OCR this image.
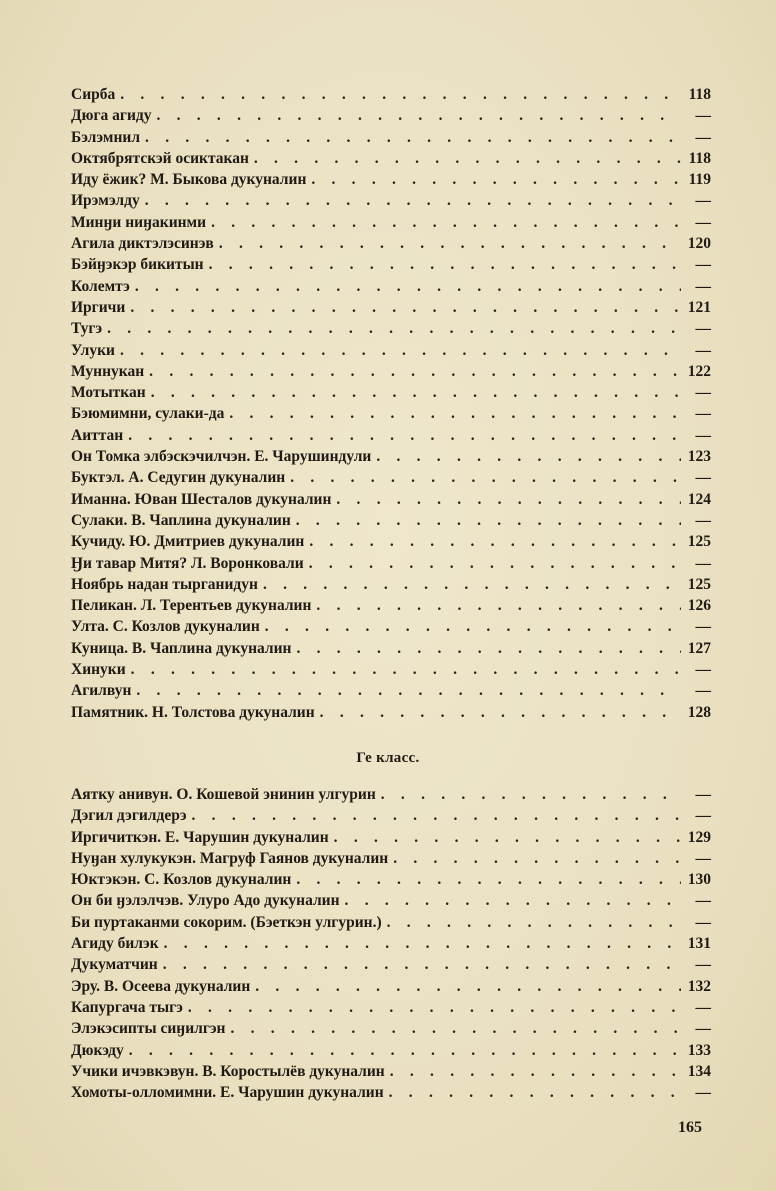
Сирба . . .	118
Дюга агиду . . .	—
Бэлэмнил . . .	—
Октябрятскэй осиктакан . . .	118
Иду ёжик? М. Быкова дукуналин . . .	119
Ирэмэлду . . .	—
Минӈи ниӈакинми . . .	—
Агила диктэлэсинэв . . .	120
Бэйӈэкэр бикитын . . .	—
Колемтэ . . .	—
Иргичи . . .	121
Тугэ . . .	—
Улуки . . .	—
Муннукан . . .	122
Мотыткан . . .	—
Бэюмимни, сулаки-да . . .	—
Аиттан . . .	—
Он Томка элбэскэчилчэн. Е. Чарушиндули . . .	123
Буктэл. А. Седугин дукуналин . . .	—
Иманна. Юван Шесталов дукуналин . . .	124
Сулаки. В. Чаплина дукуналин . . .	—
Кучиду. Ю. Дмитриев дукуналин . . .	125
Ӈи тавар Митя? Л. Воронковали . . .	—
Ноябрь надан тырганидун . . .	125
Пеликан. Л. Терентьев дукуналин . . .	126
Улта. С. Козлов дукуналин . . .	—
Куница. В. Чаплина дукуналин . . .	127
Хинуки . . .	—
Агилвун . . .	—
Памятник. Н. Толстова дукуналин . . .	128
Ге класс.
Аятку анивун. О. Кошевой энинин улгурин . . .	—
Дэгил дэгилдерэ . . .	—
Иргичиткэн. Е. Чарушин дукуналин . . .	129
Нуӈан хулукукэн. Магруф Гаянов дукуналин . . .	—
Юктэкэн. С. Козлов дукуналин . . .	130
Он би ӈэлэлчэв. Улуро Адо дукуналин . . .	—
Би пуртаканми сокорим. (Бэеткэн улгурин.) . . .	—
Агиду билэк . . .	131
Дукуматчин . . .	—
Эру. В. Осеева дукуналин . . .	132
Капургача тыгэ . . .	—
Элэкэсипты сиӈилгэн . . .	—
Дюкэду . . .	133
Учики ичэвкэвун. В. Коростылёв дукуналин . . .	134
Хомоты-олломимни. Е. Чарушин дукуналин . . .	—
165
